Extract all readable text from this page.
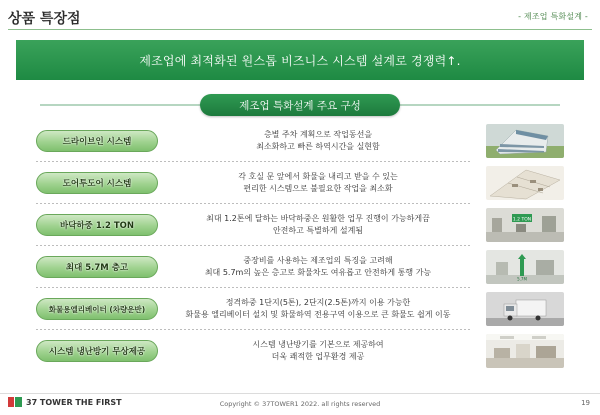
상품 특장점	- 제조업 특화설계 -
제조업에 최적화된 원스톱 비즈니스 시스템 설계로 경쟁력↑.
제조업 특화설계 주요 구성
드라이브인 시스템
층별 주차 계획으로 작업동선을
최소화하고 빠른 하역시간을 실현함
도어투도어 시스템
각 호실 문 앞에서 화물을 내리고 받을 수 있는
편리한 시스템으로 불필요한 작업을 최소화
바닥하중 1.2 TON
최대 1.2톤에 달하는 바닥하중은 원활한 업무 진행이 가능하게끔
안전하고 특별하게 설계됨
1.2 TON
최대 5.7M 층고
중장비를 사용하는 제조업의 특징을 고려해
최대 5.7m의 높은 층고로 화물차도 여유롭고 안전하게 통행 가능
5.7M
화물용엘리베이터 (차량운반)
정격하중 1단지(5톤), 2단지(2.5톤)까지 이용 가능한
화물용 엘리베이터 설치 및 화물하역 전용구역 이용으로 큰 화물도 쉽게 이동
시스템 냉난방기 무상제공
시스템 냉난방기를 기본으로 제공하여
더욱 쾌적한 업무환경 제공
37 TOWER THE FIRST	Copyright © 37TOWER1 2022. all rights reserved	19
